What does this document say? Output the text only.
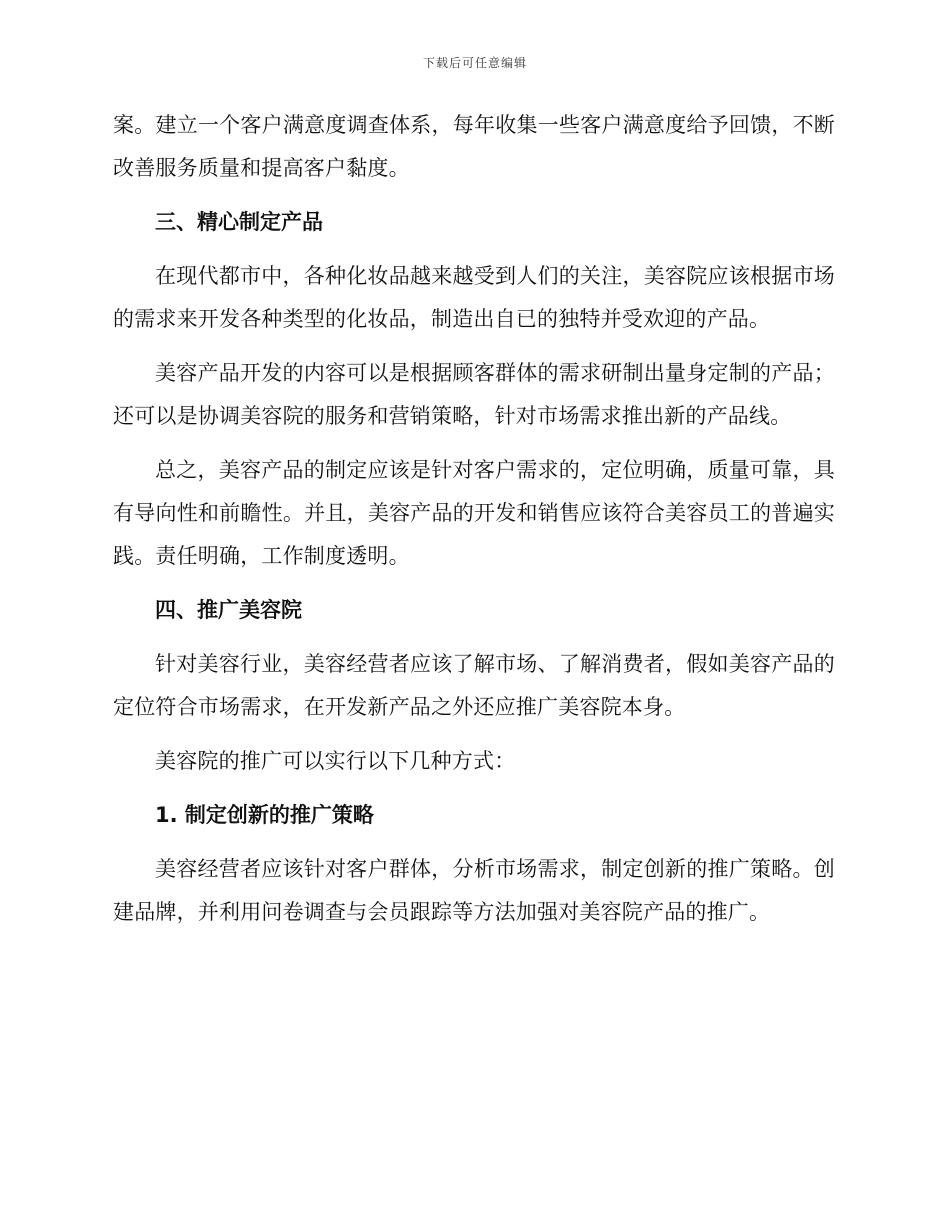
下载后可任意编辑

案。建立一个客户满意度调查体系，每年收集一些客户满意度给予回馈，不断改善服务质量和提高客户黏度。

三、精心制定产品

在现代都市中，各种化妆品越来越受到人们的关注，美容院应该根据市场的需求来开发各种类型的化妆品，制造出自已的独特并受欢迎的产品。

美容产品开发的内容可以是根据顾客群体的需求研制出量身定制的产品；还可以是协调美容院的服务和营销策略，针对市场需求推出新的产品线。

总之，美容产品的制定应该是针对客户需求的，定位明确，质量可靠，具有导向性和前瞻性。并且，美容产品的开发和销售应该符合美容员工的普遍实践。责任明确，工作制度透明。

四、推广美容院

针对美容行业，美容经营者应该了解市场、了解消费者，假如美容产品的定位符合市场需求，在开发新产品之外还应推广美容院本身。

美容院的推广可以实行以下几种方式：

1. 制定创新的推广策略

美容经营者应该针对客户群体，分析市场需求，制定创新的推广策略。创建品牌，并利用问卷调查与会员跟踪等方法加强对美容院产品的推广。
